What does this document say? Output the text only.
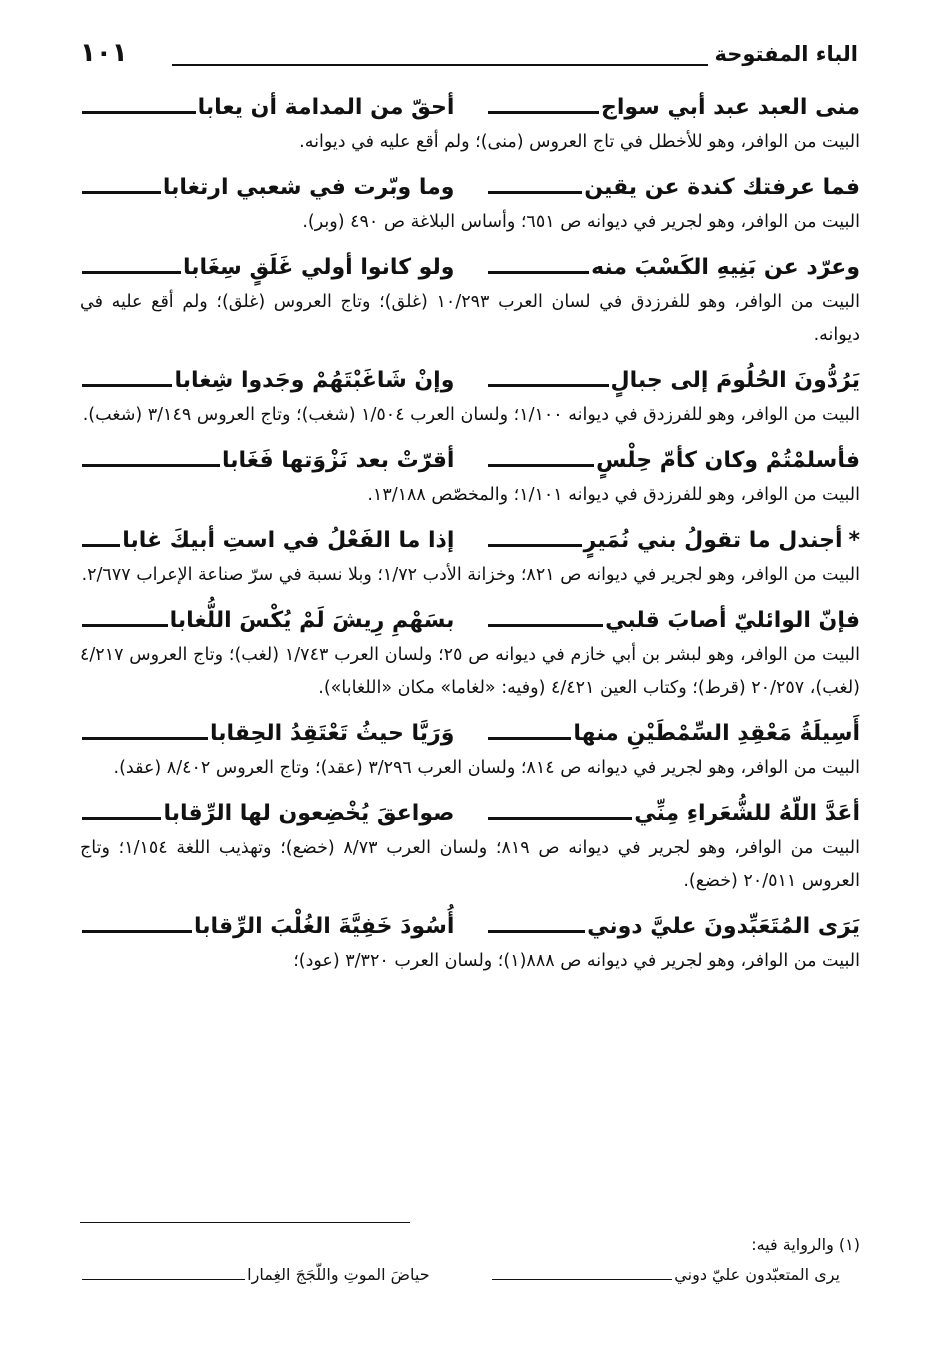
الباء المفتوحة
١٠١
منى العبد عبد أبي سواج
أحقّ من المدامة أن يعابا
البيت من الوافر، وهو للأخطل في تاج العروس (منى)؛ ولم أقع عليه في ديوانه.
فما عرفتك كندة عن يقين
وما وبّرت في شعبي ارتغابا
البيت من الوافر، وهو لجرير في ديوانه ص ٦٥١؛ وأساس البلاغة ص ٤٩٠ (وبر).
وعرّد عن بَنِيهِ الكَسْبَ منه
ولو كانوا أولي غَلَقٍ سِغَابا
البيت من الوافر، وهو للفرزدق في لسان العرب ١٠/٢٩٣ (غلق)؛ وتاج العروس (غلق)؛ ولم أقع عليه في ديوانه.
يَرُدُّونَ الحُلُومَ إلى جبالٍ
وإنْ شَاغَبْتَهُمْ وجَدوا شِغابا
البيت من الوافر، وهو للفرزدق في ديوانه ١/١٠٠؛ ولسان العرب ١/٥٠٤ (شغب)؛ وتاج العروس ٣/١٤٩ (شغب).
فأسلمْتُمْ وكان كأمّ حِلْسٍ
أقرّتْ بعد نَزْوَتها فَغَابا
البيت من الوافر، وهو للفرزدق في ديوانه ١/١٠١؛ والمخصّص ١٣/١٨٨.
*
أجندل ما تقولُ بني نُمَيرٍ
إذا ما الفَعْلُ في استِ أبيكَ غابا
البيت من الوافر، وهو لجرير في ديوانه ص ٨٢١؛ وخزانة الأدب ١/٧٢؛ وبلا نسبة في سرّ صناعة الإعراب ٢/٦٧٧.
فإنّ الوائليّ أصابَ قلبي
بسَهْمِ رِيشَ لَمْ يُكْسَ اللُّغابا
البيت من الوافر، وهو لبشر بن أبي خازم في ديوانه ص ٢٥؛ ولسان العرب ١/٧٤٣ (لغب)؛ وتاج العروس ٤/٢١٧ (لغب)، ٢٠/٢٥٧ (قرط)؛ وكتاب العين ٤/٤٢١ (وفيه: «لغاما» مكان «اللغابا»).
أَسِيلَةُ مَعْقِدِ السِّمْطَيْنِ منها
وَرَيَّا حيثُ تَعْتَقِدُ الحِقابا
البيت من الوافر، وهو لجرير في ديوانه ص ٨١٤؛ ولسان العرب ٣/٢٩٦ (عقد)؛ وتاج العروس ٨/٤٠٢ (عقد).
أعَدَّ اللّهُ للشُّعَراءِ مِنِّي
صواعقَ يُخْضِعون لها الرِّقابا
البيت من الوافر، وهو لجرير في ديوانه ص ٨١٩؛ ولسان العرب ٨/٧٣ (خضع)؛ وتهذيب اللغة ١/١٥٤؛ وتاج العروس ٢٠/٥١١ (خضع).
يَرَى المُتَعَبِّدونَ عليَّ دوني
أُسُودَ خَفِيَّةَ الغُلْبَ الرِّقابا
البيت من الوافر، وهو لجرير في ديوانه ص ٨٨٨(١)؛ ولسان العرب ٣/٣٢٠ (عود)؛
(١) والرواية فيه:
يرى المتعبّدون عليّ دوني
حياضَ الموتِ واللّجَجَ الغِمارا
